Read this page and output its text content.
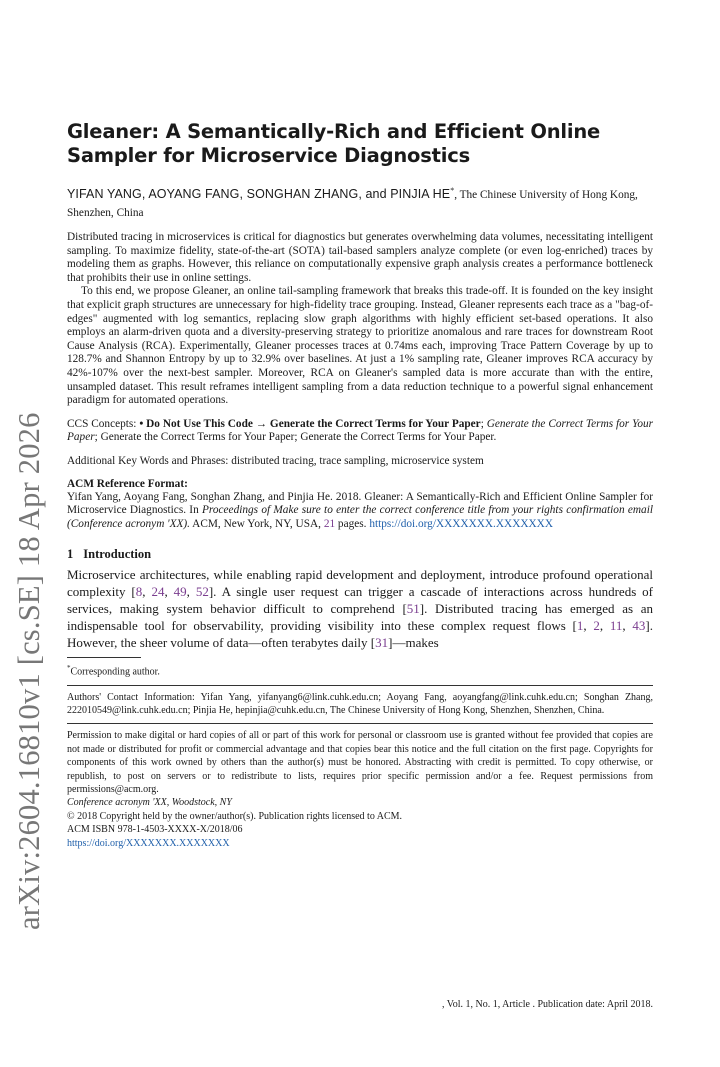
arXiv:2604.16810v1 [cs.SE] 18 Apr 2026
Gleaner: A Semantically-Rich and Efficient Online Sampler for Microservice Diagnostics

YIFAN YANG, AOYANG FANG, SONGHAN ZHANG, and PINJIA HE*, The Chinese University of Hong Kong, Shenzhen, China

Distributed tracing in microservices is critical for diagnostics but generates overwhelming data volumes, necessitating intelligent sampling. To maximize fidelity, state-of-the-art (SOTA) tail-based samplers analyze complete (or even log-enriched) traces by modeling them as graphs. However, this reliance on computationally expensive graph analysis creates a performance bottleneck that prohibits their use in online settings.

To this end, we propose Gleaner, an online tail-sampling framework that breaks this trade-off. It is founded on the key insight that explicit graph structures are unnecessary for high-fidelity trace grouping. Instead, Gleaner represents each trace as a "bag-of-edges" augmented with log semantics, replacing slow graph algorithms with highly efficient set-based operations. It also employs an alarm-driven quota and a diversity-preserving strategy to prioritize anomalous and rare traces for downstream Root Cause Analysis (RCA). Experimentally, Gleaner processes traces at 0.74ms each, improving Trace Pattern Coverage by up to 128.7% and Shannon Entropy by up to 32.9% over baselines. At just a 1% sampling rate, Gleaner improves RCA accuracy by 42%-107% over the next-best sampler. Moreover, RCA on Gleaner's sampled data is more accurate than with the entire, unsampled dataset. This result reframes intelligent sampling from a data reduction technique to a powerful signal enhancement paradigm for automated operations.

CCS Concepts: • Do Not Use This Code → Generate the Correct Terms for Your Paper; Generate the Correct Terms for Your Paper; Generate the Correct Terms for Your Paper; Generate the Correct Terms for Your Paper.

Additional Key Words and Phrases: distributed tracing, trace sampling, microservice system

ACM Reference Format:

Yifan Yang, Aoyang Fang, Songhan Zhang, and Pinjia He. 2018. Gleaner: A Semantically-Rich and Efficient Online Sampler for Microservice Diagnostics. In Proceedings of Make sure to enter the correct conference title from your rights confirmation email (Conference acronym 'XX). ACM, New York, NY, USA, 21 pages. https://doi.org/XXXXXXX.XXXXXXX

1 Introduction

Microservice architectures, while enabling rapid development and deployment, introduce profound operational complexity [8, 24, 49, 52]. A single user request can trigger a cascade of interactions across hundreds of services, making system behavior difficult to comprehend [51]. Distributed tracing has emerged as an indispensable tool for observability, providing visibility into these complex request flows [1, 2, 11, 43]. However, the sheer volume of data—often terabytes daily [31]—makes

*Corresponding author.

Authors' Contact Information: Yifan Yang, yifanyang6@link.cuhk.edu.cn; Aoyang Fang, aoyangfang@link.cuhk.edu.cn; Songhan Zhang, 222010549@link.cuhk.edu.cn; Pinjia He, hepinjia@cuhk.edu.cn, The Chinese University of Hong Kong, Shenzhen, Shenzhen, China.

Permission to make digital or hard copies of all or part of this work for personal or classroom use is granted without fee provided that copies are not made or distributed for profit or commercial advantage and that copies bear this notice and the full citation on the first page. Copyrights for components of this work owned by others than the author(s) must be honored. Abstracting with credit is permitted. To copy otherwise, or republish, to post on servers or to redistribute to lists, requires prior specific permission and/or a fee. Request permissions from permissions@acm.org.

Conference acronym 'XX, Woodstock, NY

© 2018 Copyright held by the owner/author(s). Publication rights licensed to ACM.

ACM ISBN 978-1-4503-XXXX-X/2018/06

https://doi.org/XXXXXXX.XXXXXXX

, Vol. 1, No. 1, Article . Publication date: April 2018.
